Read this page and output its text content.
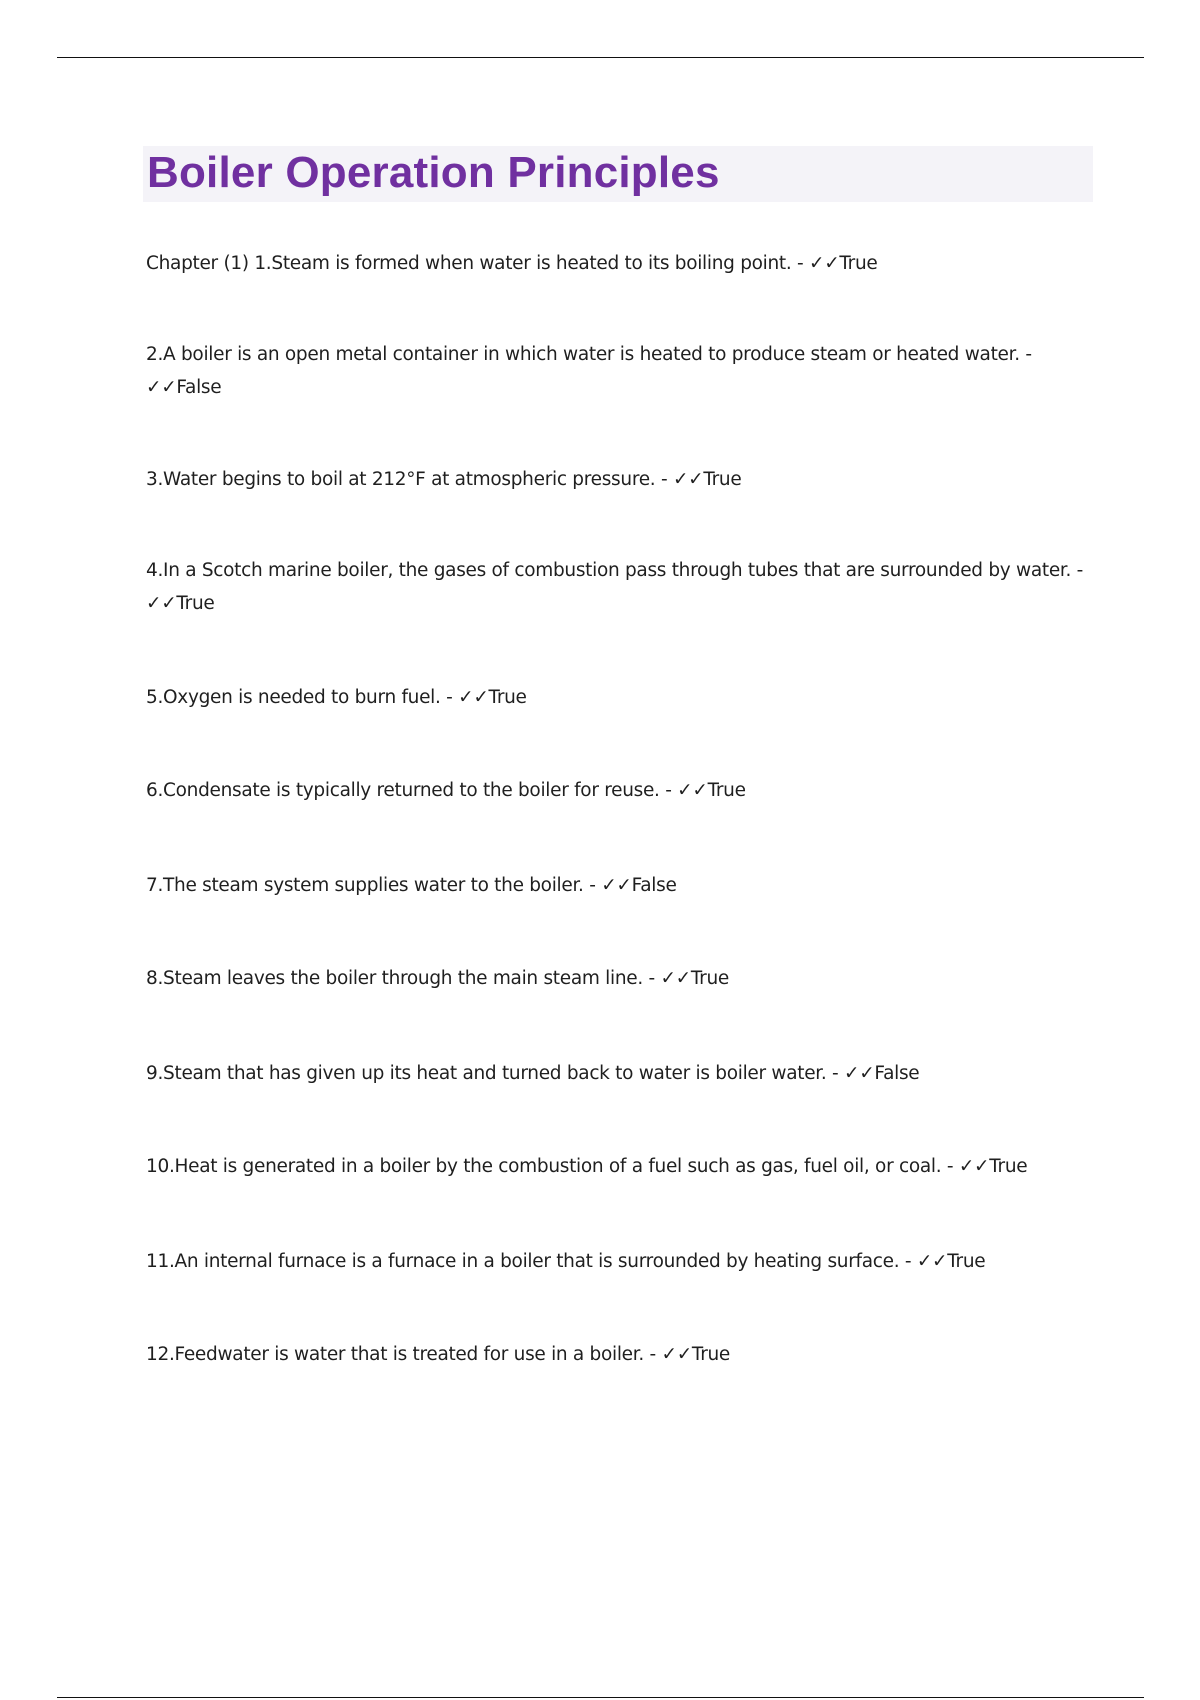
Boiler Operation Principles
Chapter (1) 1.Steam is formed when water is heated to its boiling point. - ✓✓True
2.A boiler is an open metal container in which water is heated to produce steam or heated water. - ✓✓False
3.Water begins to boil at 212°F at atmospheric pressure. - ✓✓True
4.In a Scotch marine boiler, the gases of combustion pass through tubes that are surrounded by water. - ✓✓True
5.Oxygen is needed to burn fuel. - ✓✓True
6.Condensate is typically returned to the boiler for reuse. - ✓✓True
7.The steam system supplies water to the boiler. - ✓✓False
8.Steam leaves the boiler through the main steam line. - ✓✓True
9.Steam that has given up its heat and turned back to water is boiler water. - ✓✓False
10.Heat is generated in a boiler by the combustion of a fuel such as gas, fuel oil, or coal. - ✓✓True
11.An internal furnace is a furnace in a boiler that is surrounded by heating surface. - ✓✓True
12.Feedwater is water that is treated for use in a boiler. - ✓✓True
